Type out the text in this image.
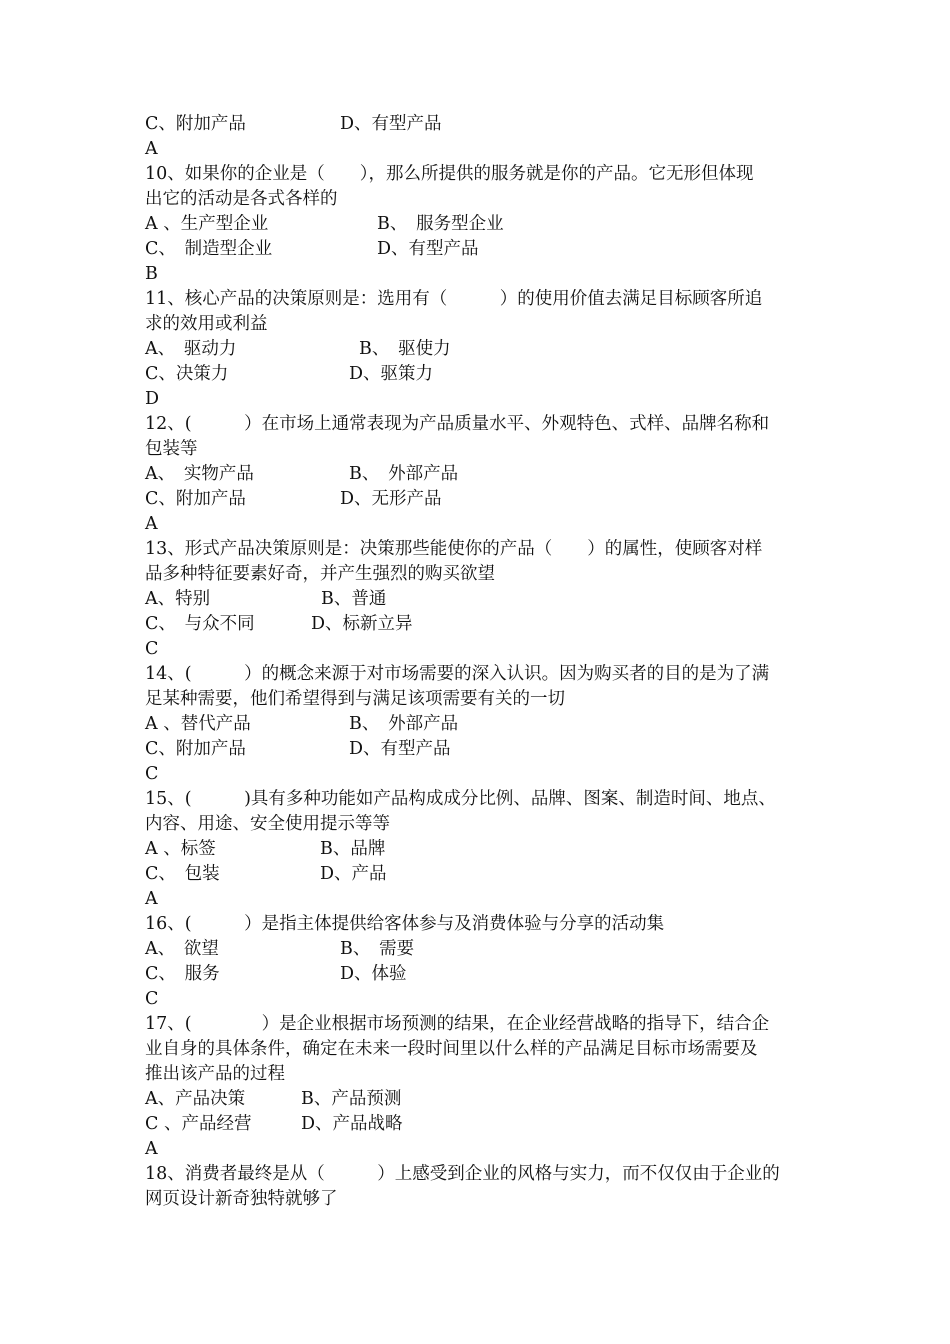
C、附加产品	D、有型产品
A
10、如果你的企业是（　　），那么所提供的服务就是你的产品。它无形但体现
出它的活动是各式各样的
A 、生产型企业	B、　服务型企业
C、　制造型企业	D、有型产品
B
11、核心产品的决策原则是：选用有（　　　）的使用价值去满足目标顾客所追
求的效用或利益
A、　驱动力	B、　驱使力
C、决策力	D、驱策力
D
12、(　　　）在市场上通常表现为产品质量水平、外观特色、式样、品牌名称和
包装等
A、　实物产品	B、　外部产品
C、附加产品	D、无形产品
A
13、形式产品决策原则是：决策那些能使你的产品（　　）的属性，使顾客对样
品多种特征要素好奇，并产生强烈的购买欲望
A、特别	B、普通
C、　与众不同	D、标新立异
C
14、(　　　）的概念来源于对市场需要的深入认识。因为购买者的目的是为了满
足某种需要，他们希望得到与满足该项需要有关的一切
A 、替代产品	B、　外部产品
C、附加产品	D、有型产品
C
15、(　　　)具有多种功能如产品构成成分比例、品牌、图案、制造时间、地点、
内容、用途、安全使用提示等等
A 、标签	B、品牌
C、　包装	D、产品
A
16、(　　　）是指主体提供给客体参与及消费体验与分享的活动集
A、　欲望	B、　需要
C、　服务	D、体验
C
17、(　　　　）是企业根据市场预测的结果，在企业经营战略的指导下，结合企
业自身的具体条件，确定在未来一段时间里以什么样的产品满足目标市场需要及
推出该产品的过程
A、产品决策	B、产品预测
C 、产品经营	D、产品战略
A
18、消费者最终是从（　　　）上感受到企业的风格与实力，而不仅仅由于企业的
网页设计新奇独特就够了
